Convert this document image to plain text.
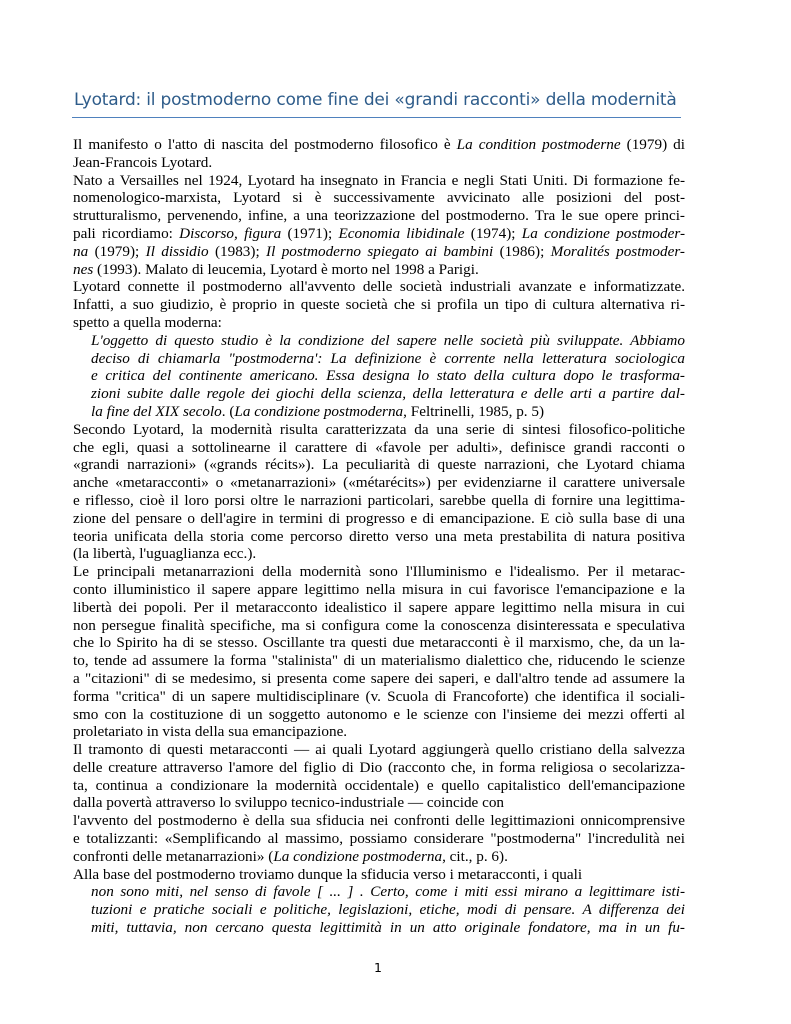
Lyotard: il postmoderno come fine dei «grandi racconti» della modernità
Il manifesto o l'atto di nascita del postmoderno filosofico è La condition postmoderne (1979) di
Jean-Francois Lyotard.
Nato a Versailles nel 1924, Lyotard ha insegnato in Francia e negli Stati Uniti. Di formazione fe-
nomenologico-marxista, Lyotard si è successivamente avvicinato alle posizioni del post-
strutturalismo, pervenendo, infine, a una teorizzazione del postmoderno. Tra le sue opere princi-
pali ricordiamo: Discorso, figura (1971); Economia libidinale (1974); La condizione postmoder-
na (1979); Il dissidio (1983); Il postmoderno spiegato ai bambini (1986); Moralités postmoder-
nes (1993). Malato di leucemia, Lyotard è morto nel 1998 a Parigi.
Lyotard connette il postmoderno all'avvento delle società industriali avanzate e informatizzate.
Infatti, a suo giudizio, è proprio in queste società che si profila un tipo di cultura alternativa ri-
spetto a quella moderna:
L'oggetto di questo studio è la condizione del sapere nelle società più sviluppate. Abbiamo
deciso di chiamarla "postmoderna': La definizione è corrente nella letteratura sociologica
e critica del continente americano. Essa designa lo stato della cultura dopo le trasforma-
zioni subite dalle regole dei giochi della scienza, della letteratura e delle arti a partire dal-
la fine del XIX secolo. (La condizione postmoderna, Feltrinelli, 1985, p. 5)
Secondo Lyotard, la modernità risulta caratterizzata da una serie di sintesi filosofico-politiche
che egli, quasi a sottolinearne il carattere di «favole per adulti», definisce grandi racconti o
«grandi narrazioni» («grands récits»). La peculiarità di queste narrazioni, che Lyotard chiama
anche «metaracconti» o «metanarrazioni» («métarécits») per evidenziarne il carattere universale
e riflesso, cioè il loro porsi oltre le narrazioni particolari, sarebbe quella di fornire una legittima-
zione del pensare o dell'agire in termini di progresso e di emancipazione. E ciò sulla base di una
teoria unificata della storia come percorso diretto verso una meta prestabilita di natura positiva
(la libertà, l'uguaglianza ecc.).
Le principali metanarrazioni della modernità sono l'Illuminismo e l'idealismo. Per il metarac-
conto illuministico il sapere appare legittimo nella misura in cui favorisce l'emancipazione e la
libertà dei popoli. Per il metaracconto idealistico il sapere appare legittimo nella misura in cui
non persegue finalità specifiche, ma si configura come la conoscenza disinteressata e speculativa
che lo Spirito ha di se stesso. Oscillante tra questi due metaracconti è il marxismo, che, da un la-
to, tende ad assumere la forma "stalinista" di un materialismo dialettico che, riducendo le scienze
a "citazioni" di se medesimo, si presenta come sapere dei saperi, e dall'altro tende ad assumere la
forma "critica" di un sapere multidisciplinare (v. Scuola di Francoforte) che identifica il sociali-
smo con la costituzione di un soggetto autonomo e le scienze con l'insieme dei mezzi offerti al
proletariato in vista della sua emancipazione.
Il tramonto di questi metaracconti — ai quali Lyotard aggiungerà quello cristiano della salvezza
delle creature attraverso l'amore del figlio di Dio (racconto che, in forma religiosa o secolarizza-
ta, continua a condizionare la modernità occidentale) e quello capitalistico dell'emancipazione
dalla povertà attraverso lo sviluppo tecnico-industriale — coincide con
l'avvento del postmoderno è della sua sfiducia nei confronti delle legittimazioni onnicomprensive
e totalizzanti: «Semplificando al massimo, possiamo considerare "postmoderna" l'incredulità nei
confronti delle metanarrazioni» (La condizione postmoderna, cit., p. 6).
Alla base del postmoderno troviamo dunque la sfiducia verso i metaracconti, i quali
non sono miti, nel senso di favole [ ... ] . Certo, come i miti essi mirano a legittimare isti-
tuzioni e pratiche sociali e politiche, legislazioni, etiche, modi di pensare. A differenza dei
miti, tuttavia, non cercano questa legittimità in un atto originale fondatore, ma in un fu-
1
